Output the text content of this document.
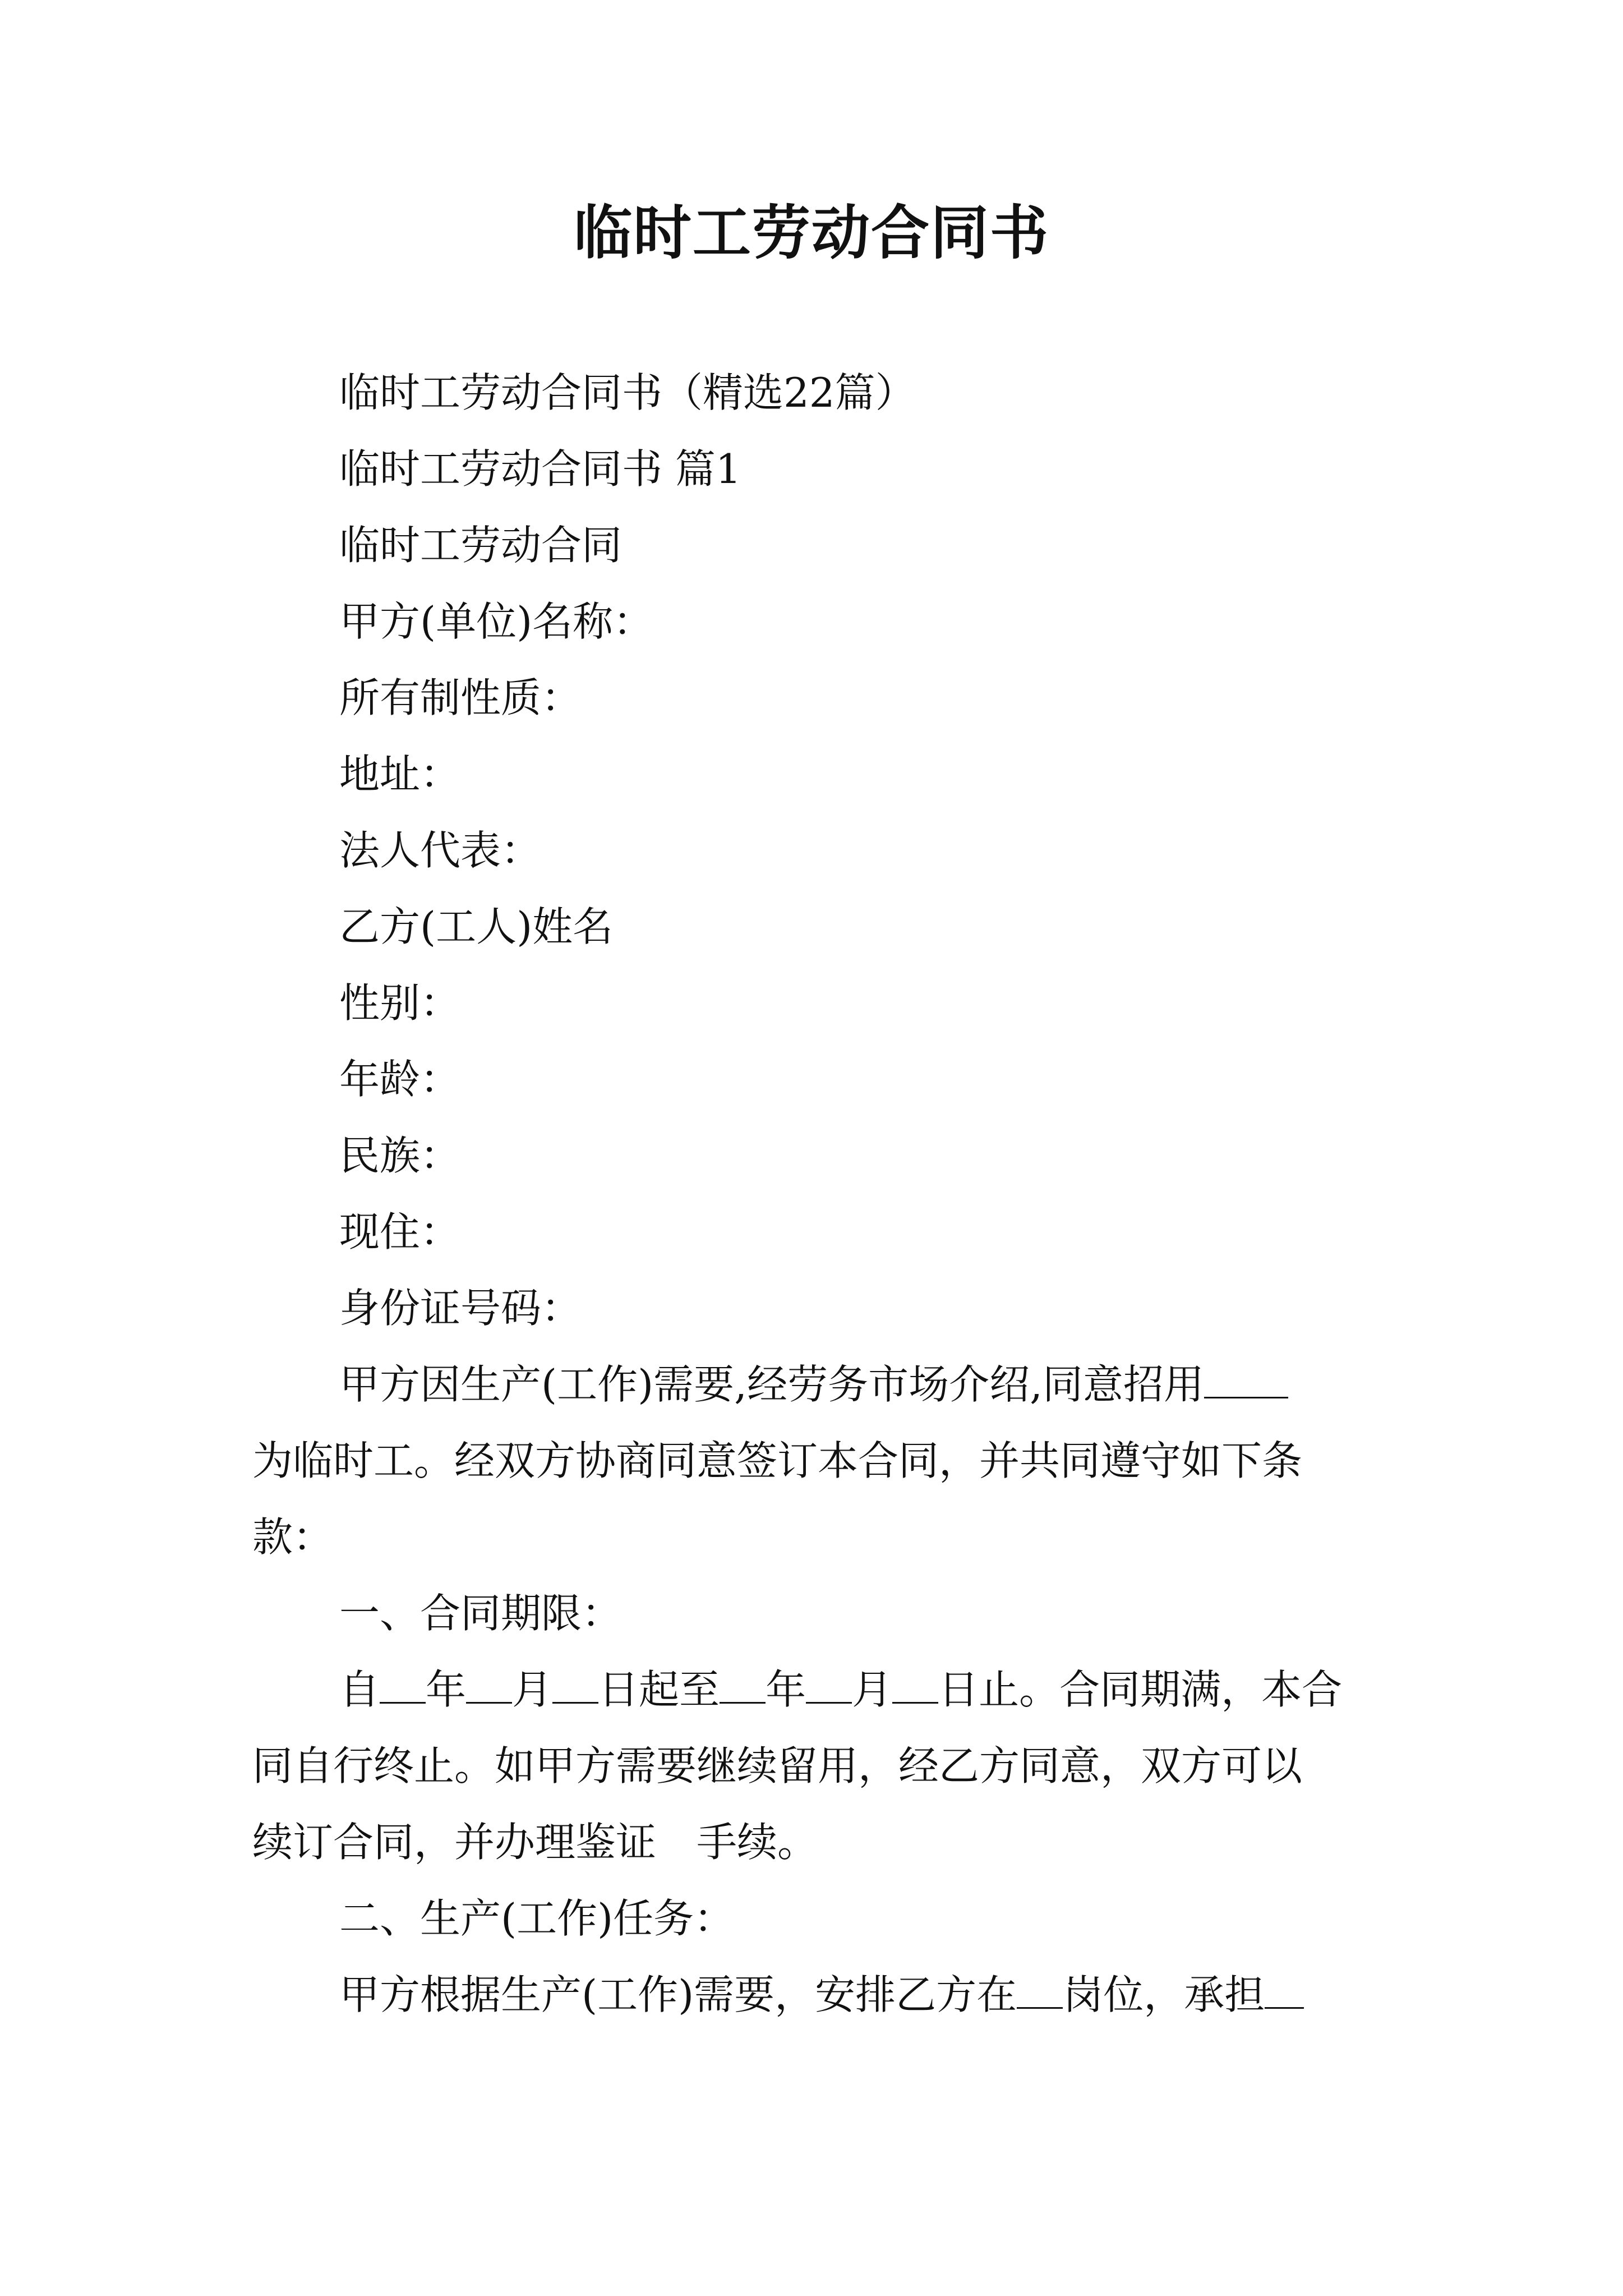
临时工劳动合同书

临时工劳动合同书（精选22篇）

临时工劳动合同书 篇1

临时工劳动合同

甲方(单位)名称：

所有制性质：

地址：

法人代表：

乙方(工人)姓名

性别：

年龄：

民族：

现住：

身份证号码：

甲方因生产(工作)需要,经劳务市场介绍,同意招用

为临时工。经双方协商同意签订本合同，并共同遵守如下条

款：

一、合同期限：

自 年 月 日起至 年 月 日止。合同期满，本合

同自行终止。如甲方需要继续留用，经乙方同意，双方可以

续订合同，并办理鉴证　手续。

二、生产(工作)任务：

甲方根据生产(工作)需要，安排乙方在 岗位，承担
